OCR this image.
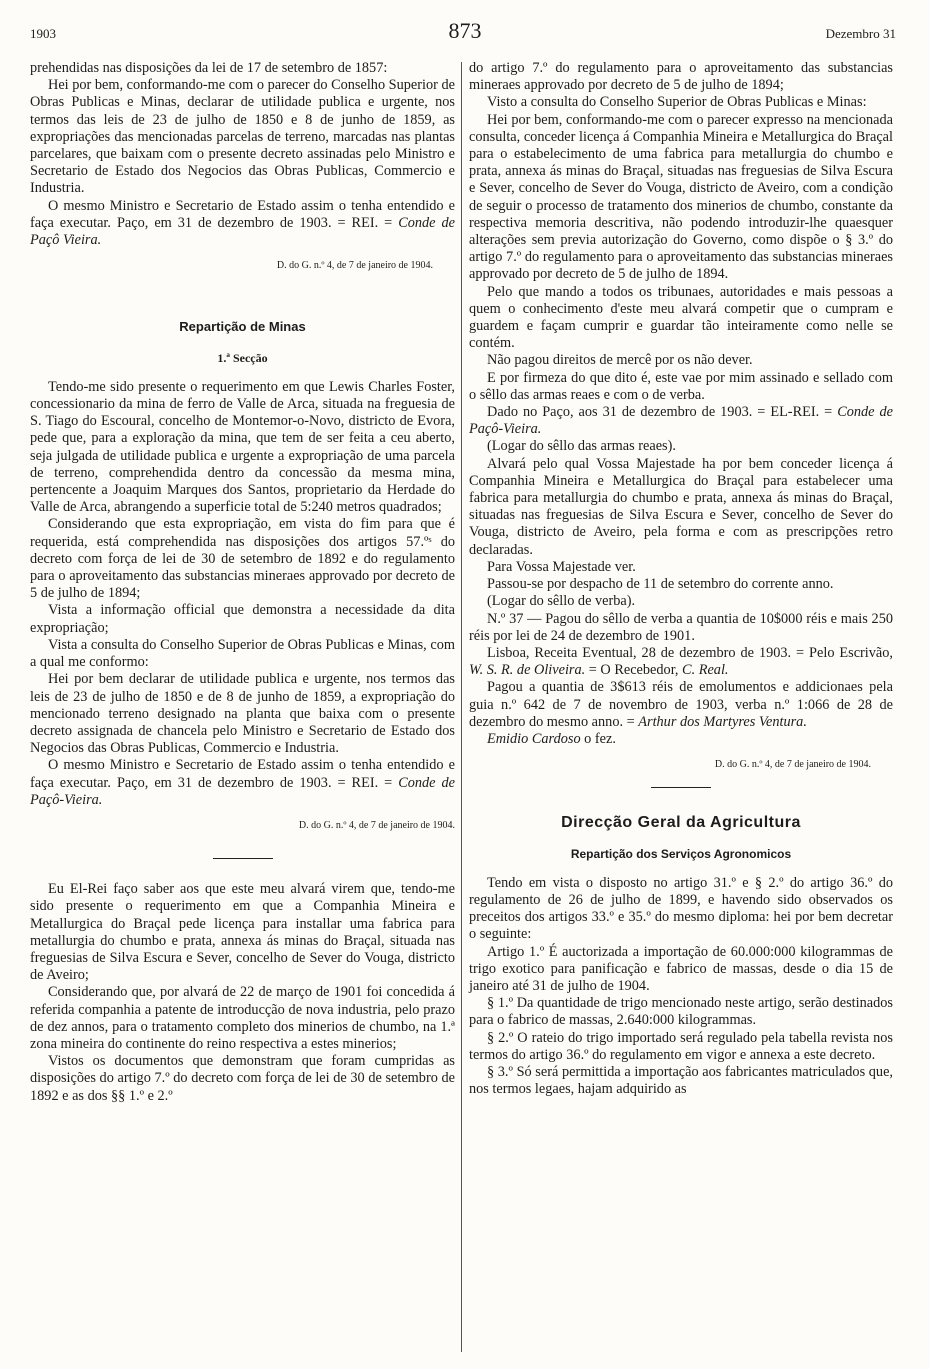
1903	873	Dezembro 31

prehendidas nas disposições da lei de 17 de setembro de 1857:

Hei por bem, conformando-me com o parecer do Conselho Superior de Obras Publicas e Minas, declarar de utilidade publica e urgente, nos termos das leis de 23 de julho de 1850 e 8 de junho de 1859, as expropriações das mencionadas parcelas de terreno, marcadas nas plantas parcelares, que baixam com o presente decreto assinadas pelo Ministro e Secretario de Estado dos Negocios das Obras Publicas, Commercio e Industria.

O mesmo Ministro e Secretario de Estado assim o tenha entendido e faça executar. Paço, em 31 de dezembro de 1903. = REI. = Conde de Paçô Vieira.

D. do G. n.º 4, de 7 de janeiro de 1904.

Repartição de Minas

1.ª Secção

Tendo-me sido presente o requerimento em que Lewis Charles Foster, concessionario da mina de ferro de Valle de Arca, situada na freguesia de S. Tiago do Escoural, concelho de Montemor-o-Novo, districto de Evora, pede que, para a exploração da mina, que tem de ser feita a ceu aberto, seja julgada de utilidade publica e urgente a expropriação de uma parcela de terreno, comprehendida dentro da concessão da mesma mina, pertencente a Joaquim Marques dos Santos, proprietario da Herdade do Valle de Arca, abrangendo a superficie total de 5:240 metros quadrados;

Considerando que esta expropriação, em vista do fim para que é requerida, está comprehendida nas disposições dos artigos 57.ºˢ do decreto com força de lei de 30 de setembro de 1892 e do regulamento para o aproveitamento das substancias mineraes approvado por decreto de 5 de julho de 1894;

Vista a informação official que demonstra a necessidade da dita expropriação;

Vista a consulta do Conselho Superior de Obras Publicas e Minas, com a qual me conformo:

Hei por bem declarar de utilidade publica e urgente, nos termos das leis de 23 de julho de 1850 e de 8 de junho de 1859, a expropriação do mencionado terreno designado na planta que baixa com o presente decreto assignada de chancela pelo Ministro e Secretario de Estado dos Negocios das Obras Publicas, Commercio e Industria.

O mesmo Ministro e Secretario de Estado assim o tenha entendido e faça executar. Paço, em 31 de dezembro de 1903. = REI. = Conde de Paçô-Vieira.

D. do G. n.º 4, de 7 de janeiro de 1904.

Eu El-Rei faço saber aos que este meu alvará virem que, tendo-me sido presente o requerimento em que a Companhia Mineira e Metallurgica do Braçal pede licença para installar uma fabrica para metallurgia do chumbo e prata, annexa ás minas do Braçal, situada nas freguesias de Silva Escura e Sever, concelho de Sever do Vouga, districto de Aveiro;

Considerando que, por alvará de 22 de março de 1901 foi concedida á referida companhia a patente de introducção de nova industria, pelo prazo de dez annos, para o tratamento completo dos minerios de chumbo, na 1.ª zona mineira do continente do reino respectiva a estes minerios;

Vistos os documentos que demonstram que foram cumpridas as disposições do artigo 7.º do decreto com força de lei de 30 de setembro de 1892 e as dos §§ 1.º e 2.º

do artigo 7.º do regulamento para o aproveitamento das substancias mineraes approvado por decreto de 5 de julho de 1894;

Visto a consulta do Conselho Superior de Obras Publicas e Minas:

Hei por bem, conformando-me com o parecer expresso na mencionada consulta, conceder licença á Companhia Mineira e Metallurgica do Braçal para o estabelecimento de uma fabrica para metallurgia do chumbo e prata, annexa ás minas do Braçal, situadas nas freguesias de Silva Escura e Sever, concelho de Sever do Vouga, districto de Aveiro, com a condição de seguir o processo de tratamento dos minerios de chumbo, constante da respectiva memoria descritiva, não podendo introduzir-lhe quaesquer alterações sem previa autorização do Governo, como dispõe o § 3.º do artigo 7.º do regulamento para o aproveitamento das substancias mineraes approvado por decreto de 5 de julho de 1894.

Pelo que mando a todos os tribunaes, autoridades e mais pessoas a quem o conhecimento d'este meu alvará competir que o cumpram e guardem e façam cumprir e guardar tão inteiramente como nelle se contém.

Não pagou direitos de mercê por os não dever.

E por firmeza do que dito é, este vae por mim assinado e sellado com o sêllo das armas reaes e com o de verba.

Dado no Paço, aos 31 de dezembro de 1903. = EL-REI. = Conde de Paçô-Vieira.

(Logar do sêllo das armas reaes).

Alvará pelo qual Vossa Majestade ha por bem conceder licença á Companhia Mineira e Metallurgica do Braçal para estabelecer uma fabrica para metallurgia do chumbo e prata, annexa ás minas do Braçal, situadas nas freguesias de Silva Escura e Sever, concelho de Sever do Vouga, districto de Aveiro, pela forma e com as prescripções retro declaradas.

Para Vossa Majestade ver.

Passou-se por despacho de 11 de setembro do corrente anno.

(Logar do sêllo de verba).

N.º 37 — Pagou do sêllo de verba a quantia de 10$000 réis e mais 250 réis por lei de 24 de dezembro de 1901.

Lisboa, Receita Eventual, 28 de dezembro de 1903. = Pelo Escrivão, W. S. R. de Oliveira. = O Recebedor, C. Real.

Pagou a quantia de 3$613 réis de emolumentos e addicionaes pela guia n.º 642 de 7 de novembro de 1903, verba n.º 1:066 de 28 de dezembro do mesmo anno. = Arthur dos Martyres Ventura.

Emidio Cardoso o fez.

D. do G. n.º 4, de 7 de janeiro de 1904.

Direcção Geral da Agricultura

Repartição dos Serviços Agronomicos

Tendo em vista o disposto no artigo 31.º e § 2.º do artigo 36.º do regulamento de 26 de julho de 1899, e havendo sido observados os preceitos dos artigos 33.º e 35.º do mesmo diploma: hei por bem decretar o seguinte:

Artigo 1.º É auctorizada a importação de 60.000:000 kilogrammas de trigo exotico para panificação e fabrico de massas, desde o dia 15 de janeiro até 31 de julho de 1904.

§ 1.º Da quantidade de trigo mencionado neste artigo, serão destinados para o fabrico de massas, 2.640:000 kilogrammas.

§ 2.º O rateio do trigo importado será regulado pela tabella revista nos termos do artigo 36.º do regulamento em vigor e annexa a este decreto.

§ 3.º Só será permittida a importação aos fabricantes matriculados que, nos termos legaes, hajam adquirido as
